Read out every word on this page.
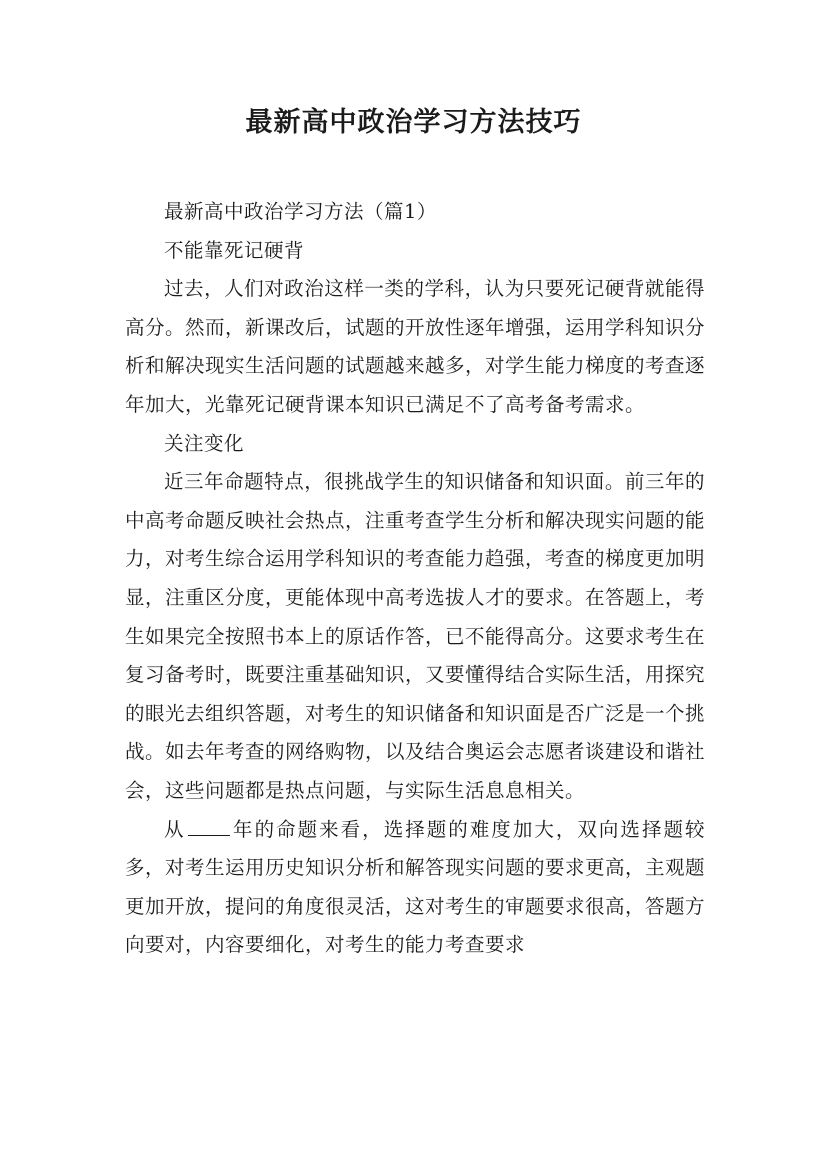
最新高中政治学习方法技巧

最新高中政治学习方法（篇1）

不能靠死记硬背

过去，人们对政治这样一类的学科，认为只要死记硬背就能得高分。然而，新课改后，试题的开放性逐年增强，运用学科知识分析和解决现实生活问题的试题越来越多，对学生能力梯度的考查逐年加大，光靠死记硬背课本知识已满足不了高考备考需求。

关注变化

近三年命题特点，很挑战学生的知识储备和知识面。前三年的中高考命题反映社会热点，注重考查学生分析和解决现实问题的能力，对考生综合运用学科知识的考查能力趋强，考查的梯度更加明显，注重区分度，更能体现中高考选拔人才的要求。在答题上，考生如果完全按照书本上的原话作答，已不能得高分。这要求考生在复习备考时，既要注重基础知识，又要懂得结合实际生活，用探究的眼光去组织答题，对考生的知识储备和知识面是否广泛是一个挑战。如去年考查的网络购物，以及结合奥运会志愿者谈建设和谐社会，这些问题都是热点问题，与实际生活息息相关。

从 年的命题来看，选择题的难度加大，双向选择题较多，对考生运用历史知识分析和解答现实问题的要求更高，主观题更加开放，提问的角度很灵活，这对考生的审题要求很高，答题方向要对，内容要细化，对考生的能力考查要求
